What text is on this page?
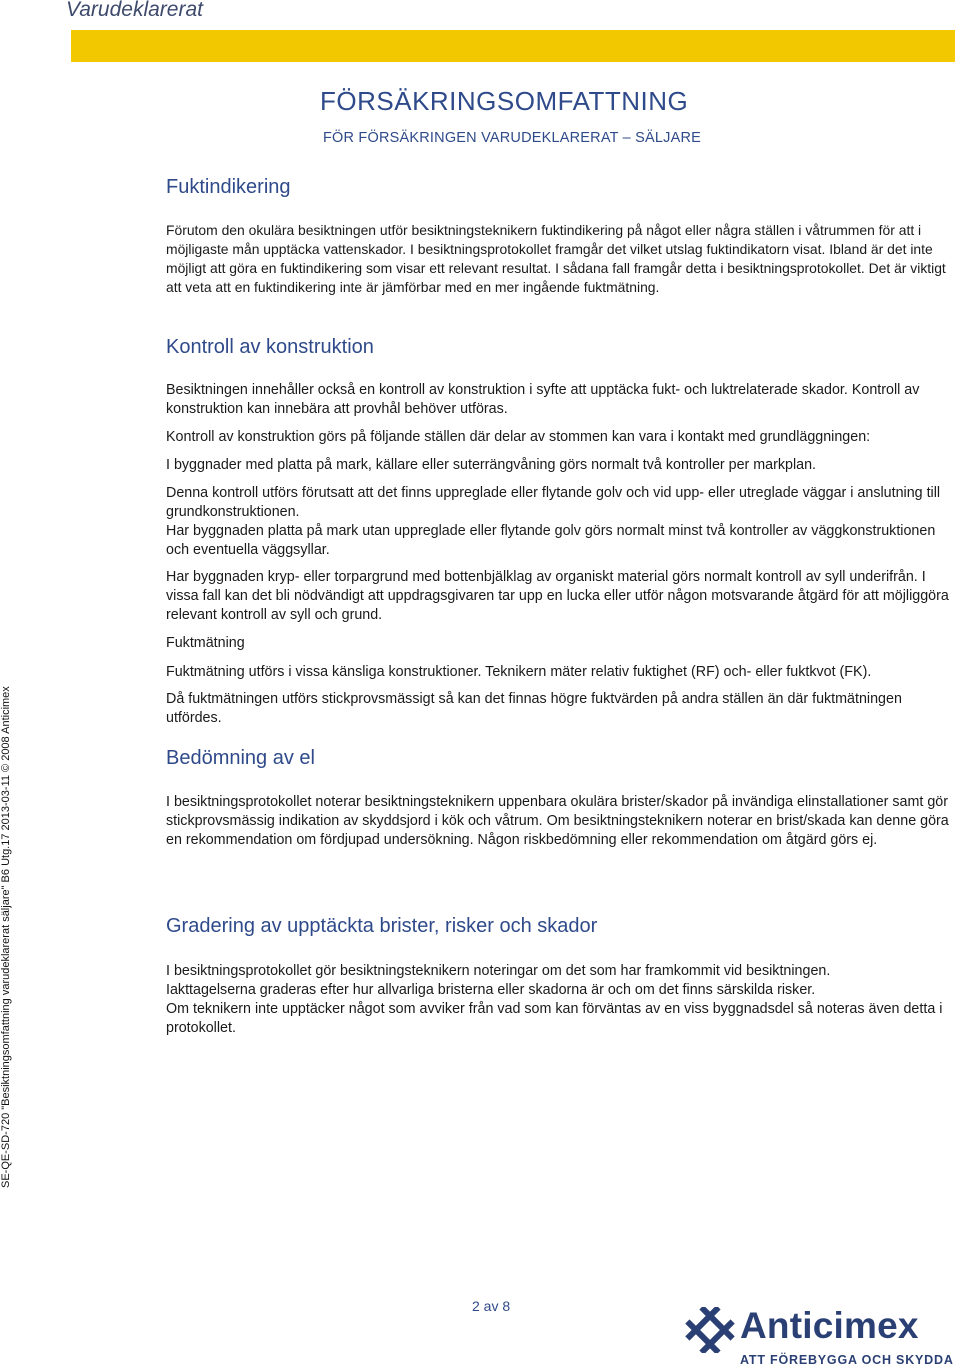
Varudeklarerat
FÖRSÄKRINGSOMFATTNING
FÖR FÖRSÄKRINGEN VARUDEKLARERAT – SÄLJARE
SE-QE-SD-720 "Besiktningsomfattning varudeklarerat säljare" B6 Utg.17 2013-03-11 © 2008 Anticimex
Fuktindikering
Förutom den okulära besiktningen utför besiktningsteknikern fuktindikering på något eller några ställen i våtrummen för att i möjligaste mån upptäcka vattenskador. I besiktningsprotokollet framgår det vilket utslag fuktindikatorn visat. Ibland är det inte möjligt att göra en fuktindikering som visar ett relevant resultat. I sådana fall framgår detta i besiktningsprotokollet. Det är viktigt att veta att en fuktindikering inte är jämförbar med en mer ingående fuktmätning.
Kontroll av konstruktion
Besiktningen innehåller också en kontroll av konstruktion i syfte att upptäcka fukt- och luktrelaterade skador. Kontroll av konstruktion kan innebära att provhål behöver utföras.
Kontroll av konstruktion görs på följande ställen där delar av stommen kan vara i kontakt med grundläggningen:
I byggnader med platta på mark, källare eller suterrängvåning görs normalt två kontroller per markplan.
Denna kontroll utförs förutsatt att det finns uppreglade eller flytande golv och vid upp- eller utreglade väggar i anslutning till grundkonstruktionen.
Har byggnaden platta på mark utan uppreglade eller flytande golv görs normalt minst två kontroller av väggkonstruktionen och eventuella väggsyllar.
Har byggnaden kryp- eller torpargrund med bottenbjälklag av organiskt material görs normalt kontroll av syll underifrån. I vissa fall kan det bli nödvändigt att uppdragsgivaren tar upp en lucka eller utför någon motsvarande åtgärd för att möjliggöra relevant kontroll av syll och grund.
Fuktmätning
Fuktmätning utförs i vissa känsliga konstruktioner. Teknikern mäter relativ fuktighet (RF) och- eller fuktkvot (FK).
Då fuktmätningen utförs stickprovsmässigt så kan det finnas högre fuktvärden på andra ställen än där fuktmätningen utfördes.
Bedömning av el
I besiktningsprotokollet noterar besiktningsteknikern uppenbara okulära brister/skador på invändiga elinstallationer samt gör stickprovsmässig indikation av skyddsjord i kök och våtrum. Om besiktningsteknikern noterar en brist/skada kan denne göra en rekommendation om fördjupad undersökning. Någon riskbedömning eller rekommendation om åtgärd görs ej.
Gradering av upptäckta brister, risker och skador
I besiktningsprotokollet gör besiktningsteknikern noteringar om det som har framkommit vid besiktningen.
Iakttagelserna graderas efter hur allvarliga bristerna eller skadorna är och om det finns särskilda risker.
Om teknikern inte upptäcker något som avviker från vad som kan förväntas av en viss byggnadsdel så noteras även detta i protokollet.
2 av 8	Anticimex
ATT FÖREBYGGA OCH SKYDDA
